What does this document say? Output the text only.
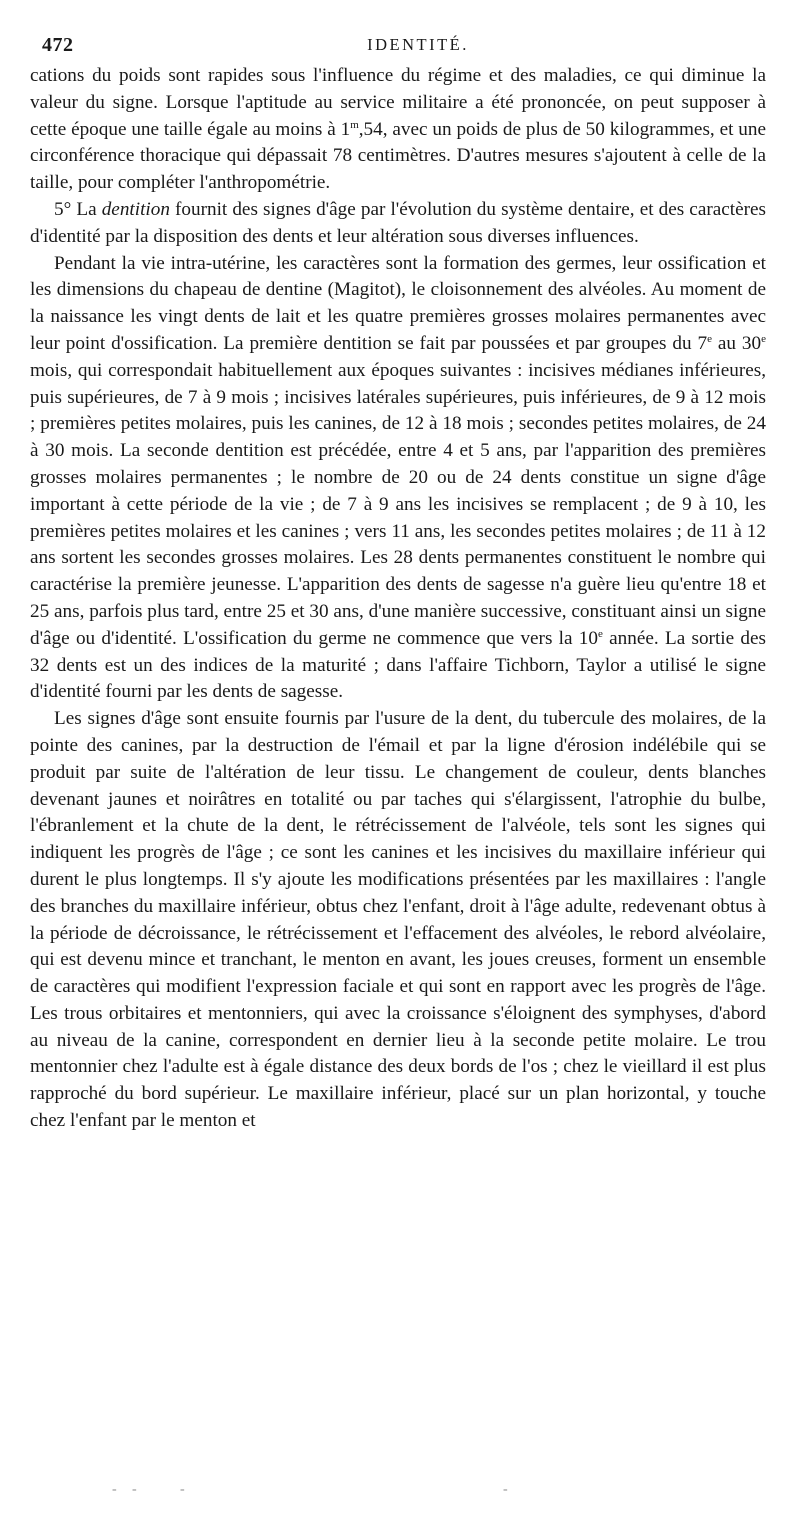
472	IDENTITÉ.

cations du poids sont rapides sous l'influence du régime et des maladies, ce qui diminue la valeur du signe. Lorsque l'aptitude au service militaire a été prononcée, on peut supposer à cette époque une taille égale au moins à 1$^m$,54, avec un poids de plus de 50 kilogrammes, et une circonférence thoracique qui dépassait 78 centimètres. D'autres mesures s'ajoutent à celle de la taille, pour compléter l'anthropométrie.

5° La dentition fournit des signes d'âge par l'évolution du système dentaire, et des caractères d'identité par la disposition des dents et leur altération sous diverses influences.

Pendant la vie intra-utérine, les caractères sont la formation des germes, leur ossification et les dimensions du chapeau de dentine (Magitot), le cloisonnement des alvéoles. Au moment de la naissance les vingt dents de lait et les quatre premières grosses molaires permanentes avec leur point d'ossification. La première dentition se fait par poussées et par groupes du 7e au 30e mois, qui correspondait habituellement aux époques suivantes : incisives médianes inférieures, puis supérieures, de 7 à 9 mois ; incisives latérales supérieures, puis inférieures, de 9 à 12 mois ; premières petites molaires, puis les canines, de 12 à 18 mois ; secondes petites molaires, de 24 à 30 mois. La seconde dentition est précédée, entre 4 et 5 ans, par l'apparition des premières grosses molaires permanentes ; le nombre de 20 ou de 24 dents constitue un signe d'âge important à cette période de la vie ; de 7 à 9 ans les incisives se remplacent ; de 9 à 10, les premières petites molaires et les canines ; vers 11 ans, les secondes petites molaires ; de 11 à 12 ans sortent les secondes grosses molaires. Les 28 dents permanentes constituent le nombre qui caractérise la première jeunesse. L'apparition des dents de sagesse n'a guère lieu qu'entre 18 et 25 ans, parfois plus tard, entre 25 et 30 ans, d'une manière successive, constituant ainsi un signe d'âge ou d'identité. L'ossification du germe ne commence que vers la 10e année. La sortie des 32 dents est un des indices de la maturité ; dans l'affaire Tichborn, Taylor a utilisé le signe d'identité fourni par les dents de sagesse.

Les signes d'âge sont ensuite fournis par l'usure de la dent, du tubercule des molaires, de la pointe des canines, par la destruction de l'émail et par la ligne d'érosion indélébile qui se produit par suite de l'altération de leur tissu. Le changement de couleur, dents blanches devenant jaunes et noirâtres en totalité ou par taches qui s'élargissent, l'atrophie du bulbe, l'ébranlement et la chute de la dent, le rétrécissement de l'alvéole, tels sont les signes qui indiquent les progrès de l'âge ; ce sont les canines et les incisives du maxillaire inférieur qui durent le plus longtemps. Il s'y ajoute les modifications présentées par les maxillaires : l'angle des branches du maxillaire inférieur, obtus chez l'enfant, droit à l'âge adulte, redevenant obtus à la période de décroissance, le rétrécissement et l'effacement des alvéoles, le rebord alvéolaire, qui est devenu mince et tranchant, le menton en avant, les joues creuses, forment un ensemble de caractères qui modifient l'expression faciale et qui sont en rapport avec les progrès de l'âge. Les trous orbitaires et mentonniers, qui avec la croissance s'éloignent des symphyses, d'abord au niveau de la canine, correspondent en dernier lieu à la seconde petite molaire. Le trou mentonnier chez l'adulte est à égale distance des deux bords de l'os ; chez le vieillard il est plus rapproché du bord supérieur. Le maxillaire inférieur, placé sur un plan horizontal, y touche chez l'enfant par le menton et

- -	-	-
